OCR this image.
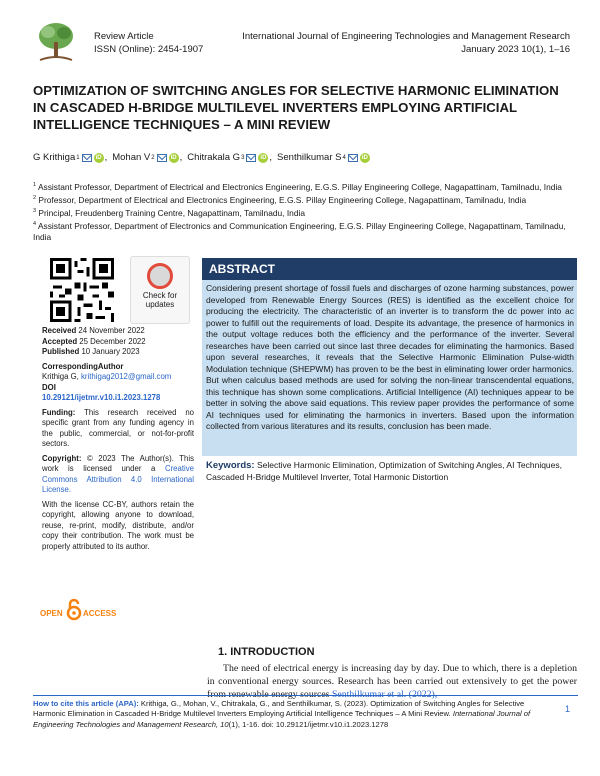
Review Article
ISSN (Online): 2454-1907
International Journal of Engineering Technologies and Management Research
January 2023 10(1), 1–16
OPTIMIZATION OF SWITCHING ANGLES FOR SELECTIVE HARMONIC ELIMINATION IN CASCADED H-BRIDGE MULTILEVEL INVERTERS EMPLOYING ARTIFICIAL INTELLIGENCE TECHNIQUES – A MINI REVIEW
G Krithiga 1	iD , Mohan V 2	iD , Chitrakala G 3	iD , Senthilkumar S 4	iD
$^1$ Assistant Professor, Department of Electrical and Electronics Engineering, E.G.S. Pillay Engineering College, Nagapattinam, Tamilnadu, India
$^2$ Professor, Department of Electrical and Electronics Engineering, E.G.S. Pillay Engineering College, Nagapattinam, Tamilnadu, India
$^3$ Principal, Freudenberg Training Centre, Nagapattinam, Tamilnadu, India
$^4$ Assistant Professor, Department of Electronics and Communication Engineering, E.G.S. Pillay Engineering College, Nagapattinam, Tamilnadu, India
Check for
updates

Received 24 November 2022
Accepted 25 December 2022
Published 10 January 2023

CorrespondingAuthor
Krithiga G, krithigag2012@gmail.com
DOI
10.29121/ijetmr.v10.i1.2023.1278

Funding: This research received no specific grant from any funding agency in the public, commercial, or not-for-profit sectors.

Copyright: © 2023 The Author(s). This work is licensed under a Creative Commons Attribution 4.0 International License.

With the license CC-BY, authors retain the copyright, allowing anyone to download, reuse, re-print, modify, distribute, and/or copy their contribution. The work must be properly attributed to its author.

OPEN	ACCESS
ABSTRACT
Considering present shortage of fossil fuels and discharges of ozone harming substances, power developed from Renewable Energy Sources (RES) is identified as the excellent choice for producing the electricity. The characteristic of an inverter is to transform the dc power into ac power to fulfill out the requirements of load. Despite its advantage, the presence of harmonics in the output voltage reduces both the efficiency and the performance of the inverter. Several researches have been carried out since last three decades for eliminating the harmonics. Based upon several researches, it reveals that the Selective Harmonic Elimination Pulse-width Modulation technique (SHEPWM) has proven to be the best in eliminating lower order harmonics. But when calculus based methods are used for solving the non-linear transcendental equations, this technique has shown some complications. Artificial Intelligence (AI) techniques appear to be better in solving the above said equations. This review paper provides the performance of some AI techniques used for eliminating the harmonics in inverters. Based upon the information collected from various literatures and its results, conclusion has been made.
Keywords: Selective Harmonic Elimination, Optimization of Switching Angles, AI Techniques, Cascaded H-Bridge Multilevel Inverter, Total Harmonic Distortion
1. INTRODUCTION
The need of electrical energy is increasing day by day. Due to which, there is a depletion in conventional energy sources. Research has been carried out extensively to get the power
How to cite this article (APA): Krithiga, G., Mohan, V., Chitrakala, G., and Senthilkumar, S. (2023). Optimization of Switching Angles for Selective Harmonic Elimination in Cascaded H-Bridge Multilevel Inverters Employing Artificial Intelligence Techniques – A Mini Review. International Journal of Engineering Technologies and Management Research, 10(1), 1-16. doi: 10.29121/ijetmr.v10.i1.2023.1278
1
